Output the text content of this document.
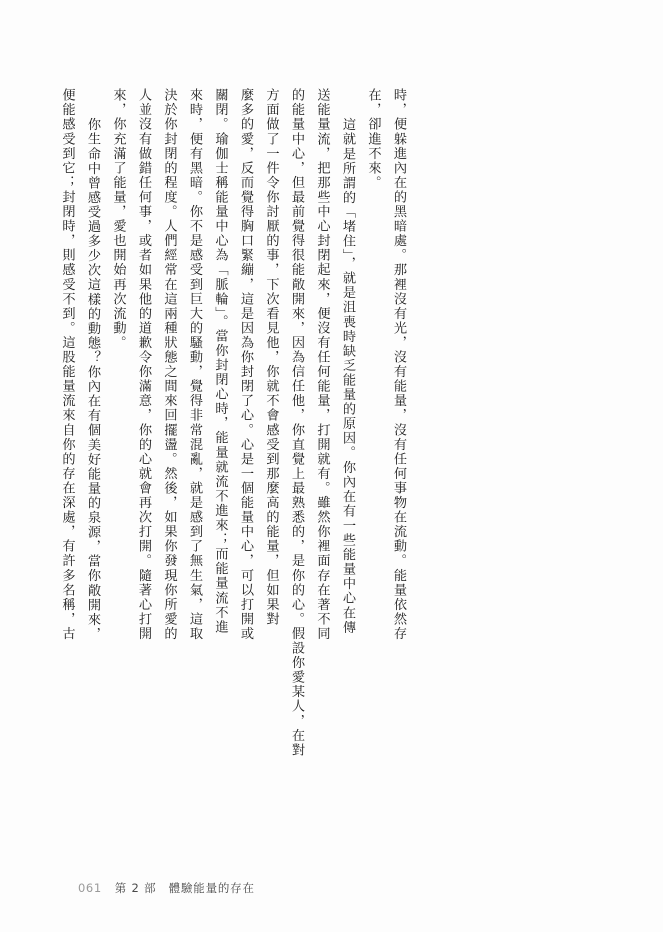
便能感受到它；封閉時，則感受不到。這股能量流來自你的存在深處，有許多名稱，古 　你生命中曾感受過多少次這樣的動態？你內在有個美好能量的泉源，當你敞開來， 來，你充滿了能量，愛也開始再次流動。 人並沒有做錯任何事，或者如果他的道歉令你滿意，你的心就會再次打開。隨著心打開 決於你封閉的程度。人們經常在這兩種狀態之間來回擺盪。然後，如果你發現你所愛的 來時，便有黑暗。你不是感受到巨大的騷動，覺得非常混亂，就是感到了無生氣，這取 關閉。瑜伽士稱能量中心為「脈輪」。當你封閉心時，能量就流不進來；而能量流不進 麼多的愛，反而覺得胸口緊繃，這是因為你封閉了心。心是一個能量中心，可以打開或 方面做了一件令你討厭的事，下次看見他，你就不會感受到那麼高的能量，但如果對 的能量中心，但最前覺得很能敞開來，因為信任他，你直覺上最熟悉的，是你的心。假設你愛某人，在對 送能量流，把那些中心封閉起來，便沒有任何能量，打開就有。雖然你裡面存在著不同 　這就是所謂的「堵住」，就是沮喪時缺乏能量的原因。你內在有一些能量中心在傳 在，卻進不來。 時，便躲進內在的黑暗處。那裡沒有光，沒有能量，沒有任何事物在流動。能量依然存
061 第 2 部　體驗能量的存在
